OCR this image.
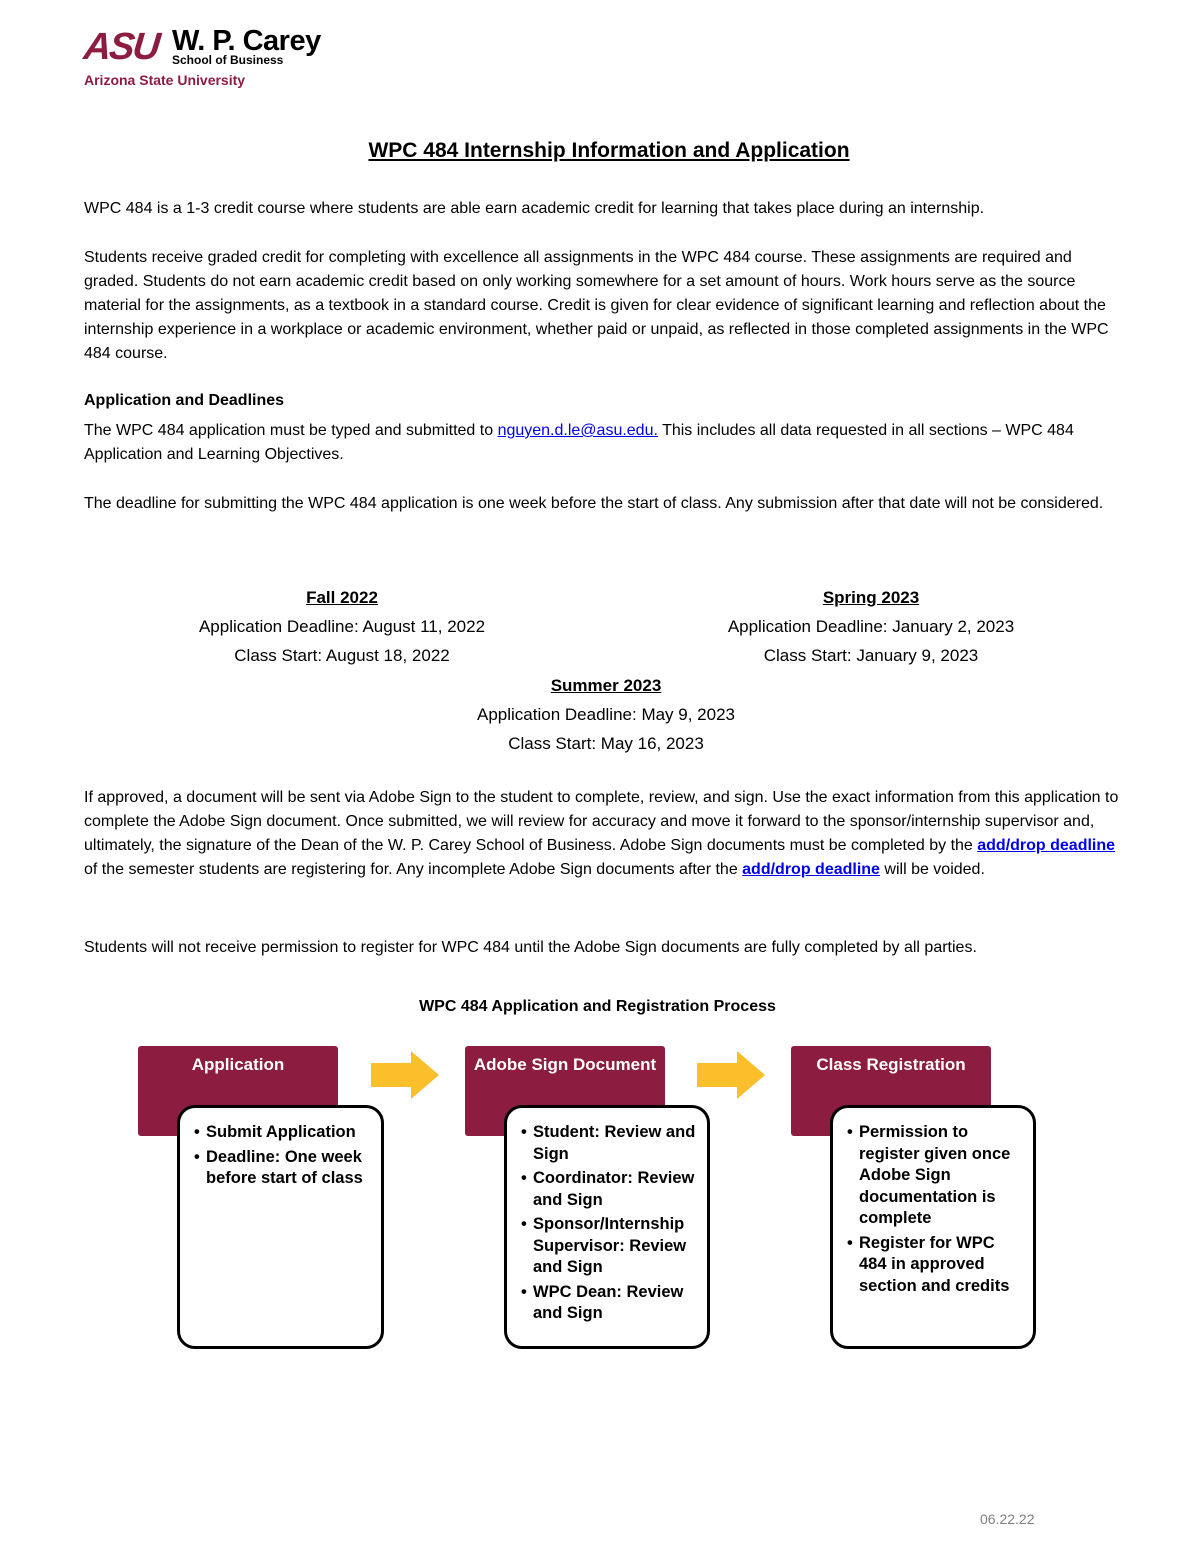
ASU W. P. Carey
School of Business
Arizona State University
WPC 484 Internship Information and Application
WPC 484 is a 1-3 credit course where students are able earn academic credit for learning that takes place during an internship.
Students receive graded credit for completing with excellence all assignments in the WPC 484 course. These assignments are required and graded. Students do not earn academic credit based on only working somewhere for a set amount of hours. Work hours serve as the source material for the assignments, as a textbook in a standard course. Credit is given for clear evidence of significant learning and reflection about the internship experience in a workplace or academic environment, whether paid or unpaid, as reflected in those completed assignments in the WPC 484 course.
Application and Deadlines
The WPC 484 application must be typed and submitted to nguyen.d.le@asu.edu. This includes all data requested in all sections – WPC 484 Application and Learning Objectives.
The deadline for submitting the WPC 484 application is one week before the start of class. Any submission after that date will not be considered.
Fall 2022
Application Deadline: August 11, 2022
Class Start: August 18, 2022
Spring 2023
Application Deadline: January 2, 2023
Class Start: January 9, 2023
Summer 2023
Application Deadline: May 9, 2023
Class Start: May 16, 2023
If approved, a document will be sent via Adobe Sign to the student to complete, review, and sign. Use the exact information from this application to complete the Adobe Sign document. Once submitted, we will review for accuracy and move it forward to the sponsor/internship supervisor and, ultimately, the signature of the Dean of the W. P. Carey School of Business. Adobe Sign documents must be completed by the add/drop deadline of the semester students are registering for. Any incomplete Adobe Sign documents after the add/drop deadline will be voided.
Students will not receive permission to register for WPC 484 until the Adobe Sign documents are fully completed by all parties.
WPC 484 Application and Registration Process
Application	Adobe Sign Document	Class Registration
• Submit Application
• Deadline: One week before start of class
• Student: Review and Sign
• Coordinator: Review and Sign
• Sponsor/Internship Supervisor: Review and Sign
• WPC Dean: Review and Sign
• Permission to register given once Adobe Sign documentation is complete
• Register for WPC 484 in approved section and credits
06.22.22
